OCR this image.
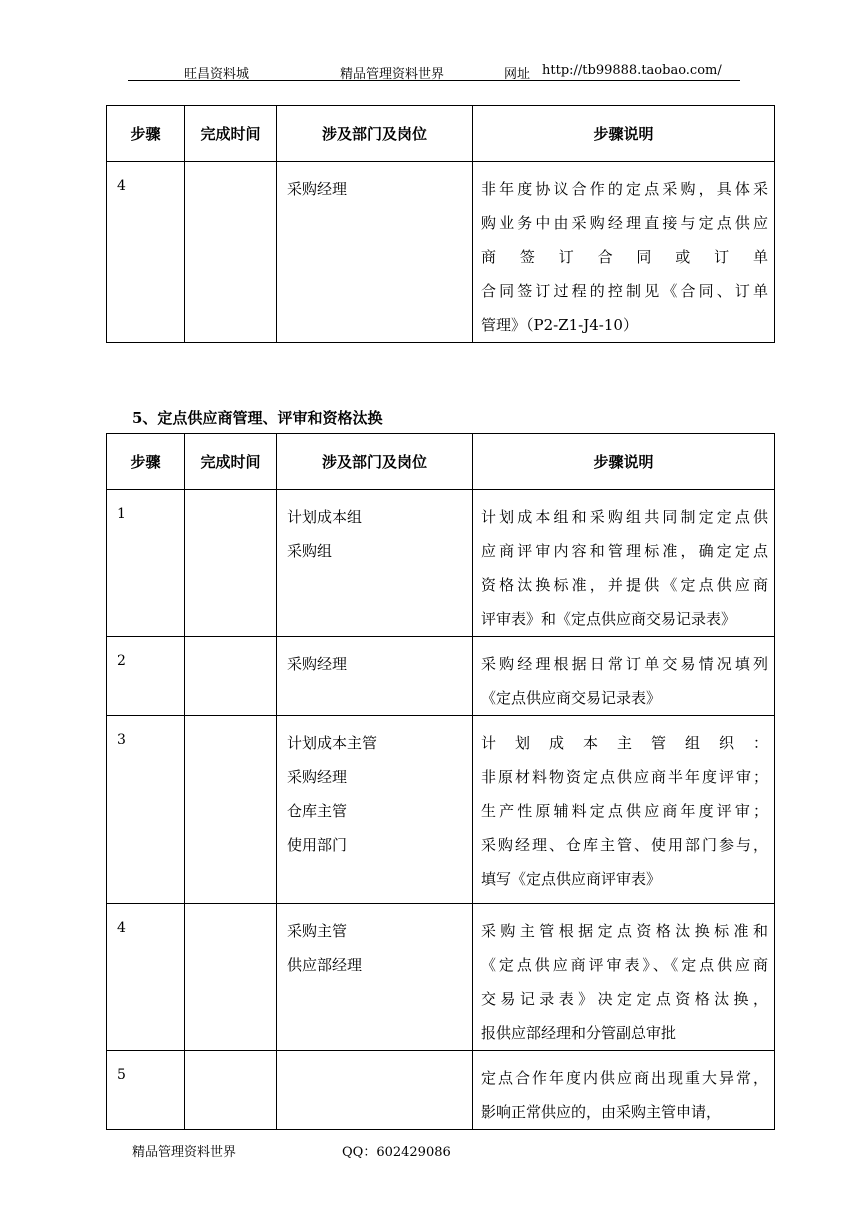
旺昌资料城	精品管理资料世界	网址 http://tb99888.taobao.com/
步骤	完成时间	涉及部门及岗位	步骤说明
4		采购经理	非年度协议合作的定点采购，具体采
购业务中由采购经理直接与定点供应
商签订合同或订单
合同签订过程的控制见《合同、订单
管理》（P2-Z1-J4-10）
5、定点供应商管理、评审和资格汰换
步骤	完成时间	涉及部门及岗位	步骤说明
1		计划成本组
采购组	计划成本组和采购组共同制定定点供
应商评审内容和管理标准，确定定点
资格汰换标准，并提供《定点供应商
评审表》和《定点供应商交易记录表》

2		采购经理	采购经理根据日常订单交易情况填列
《定点供应商交易记录表》

3		计划成本主管
采购经理
仓库主管
使用部门	计划成本主管组织：
非原材料物资定点供应商半年度评审；
生产性原辅料定点供应商年度评审；
采购经理、仓库主管、使用部门参与，
填写《定点供应商评审表》

4		采购主管
供应部经理	采购主管根据定点资格汰换标准和
《定点供应商评审表》、《定点供应商
交易记录表》决定定点资格汰换，
报供应部经理和分管副总审批

5			定点合作年度内供应商出现重大异常，
影响正常供应的，由采购主管申请，
精品管理资料世界	QQ：602429086
